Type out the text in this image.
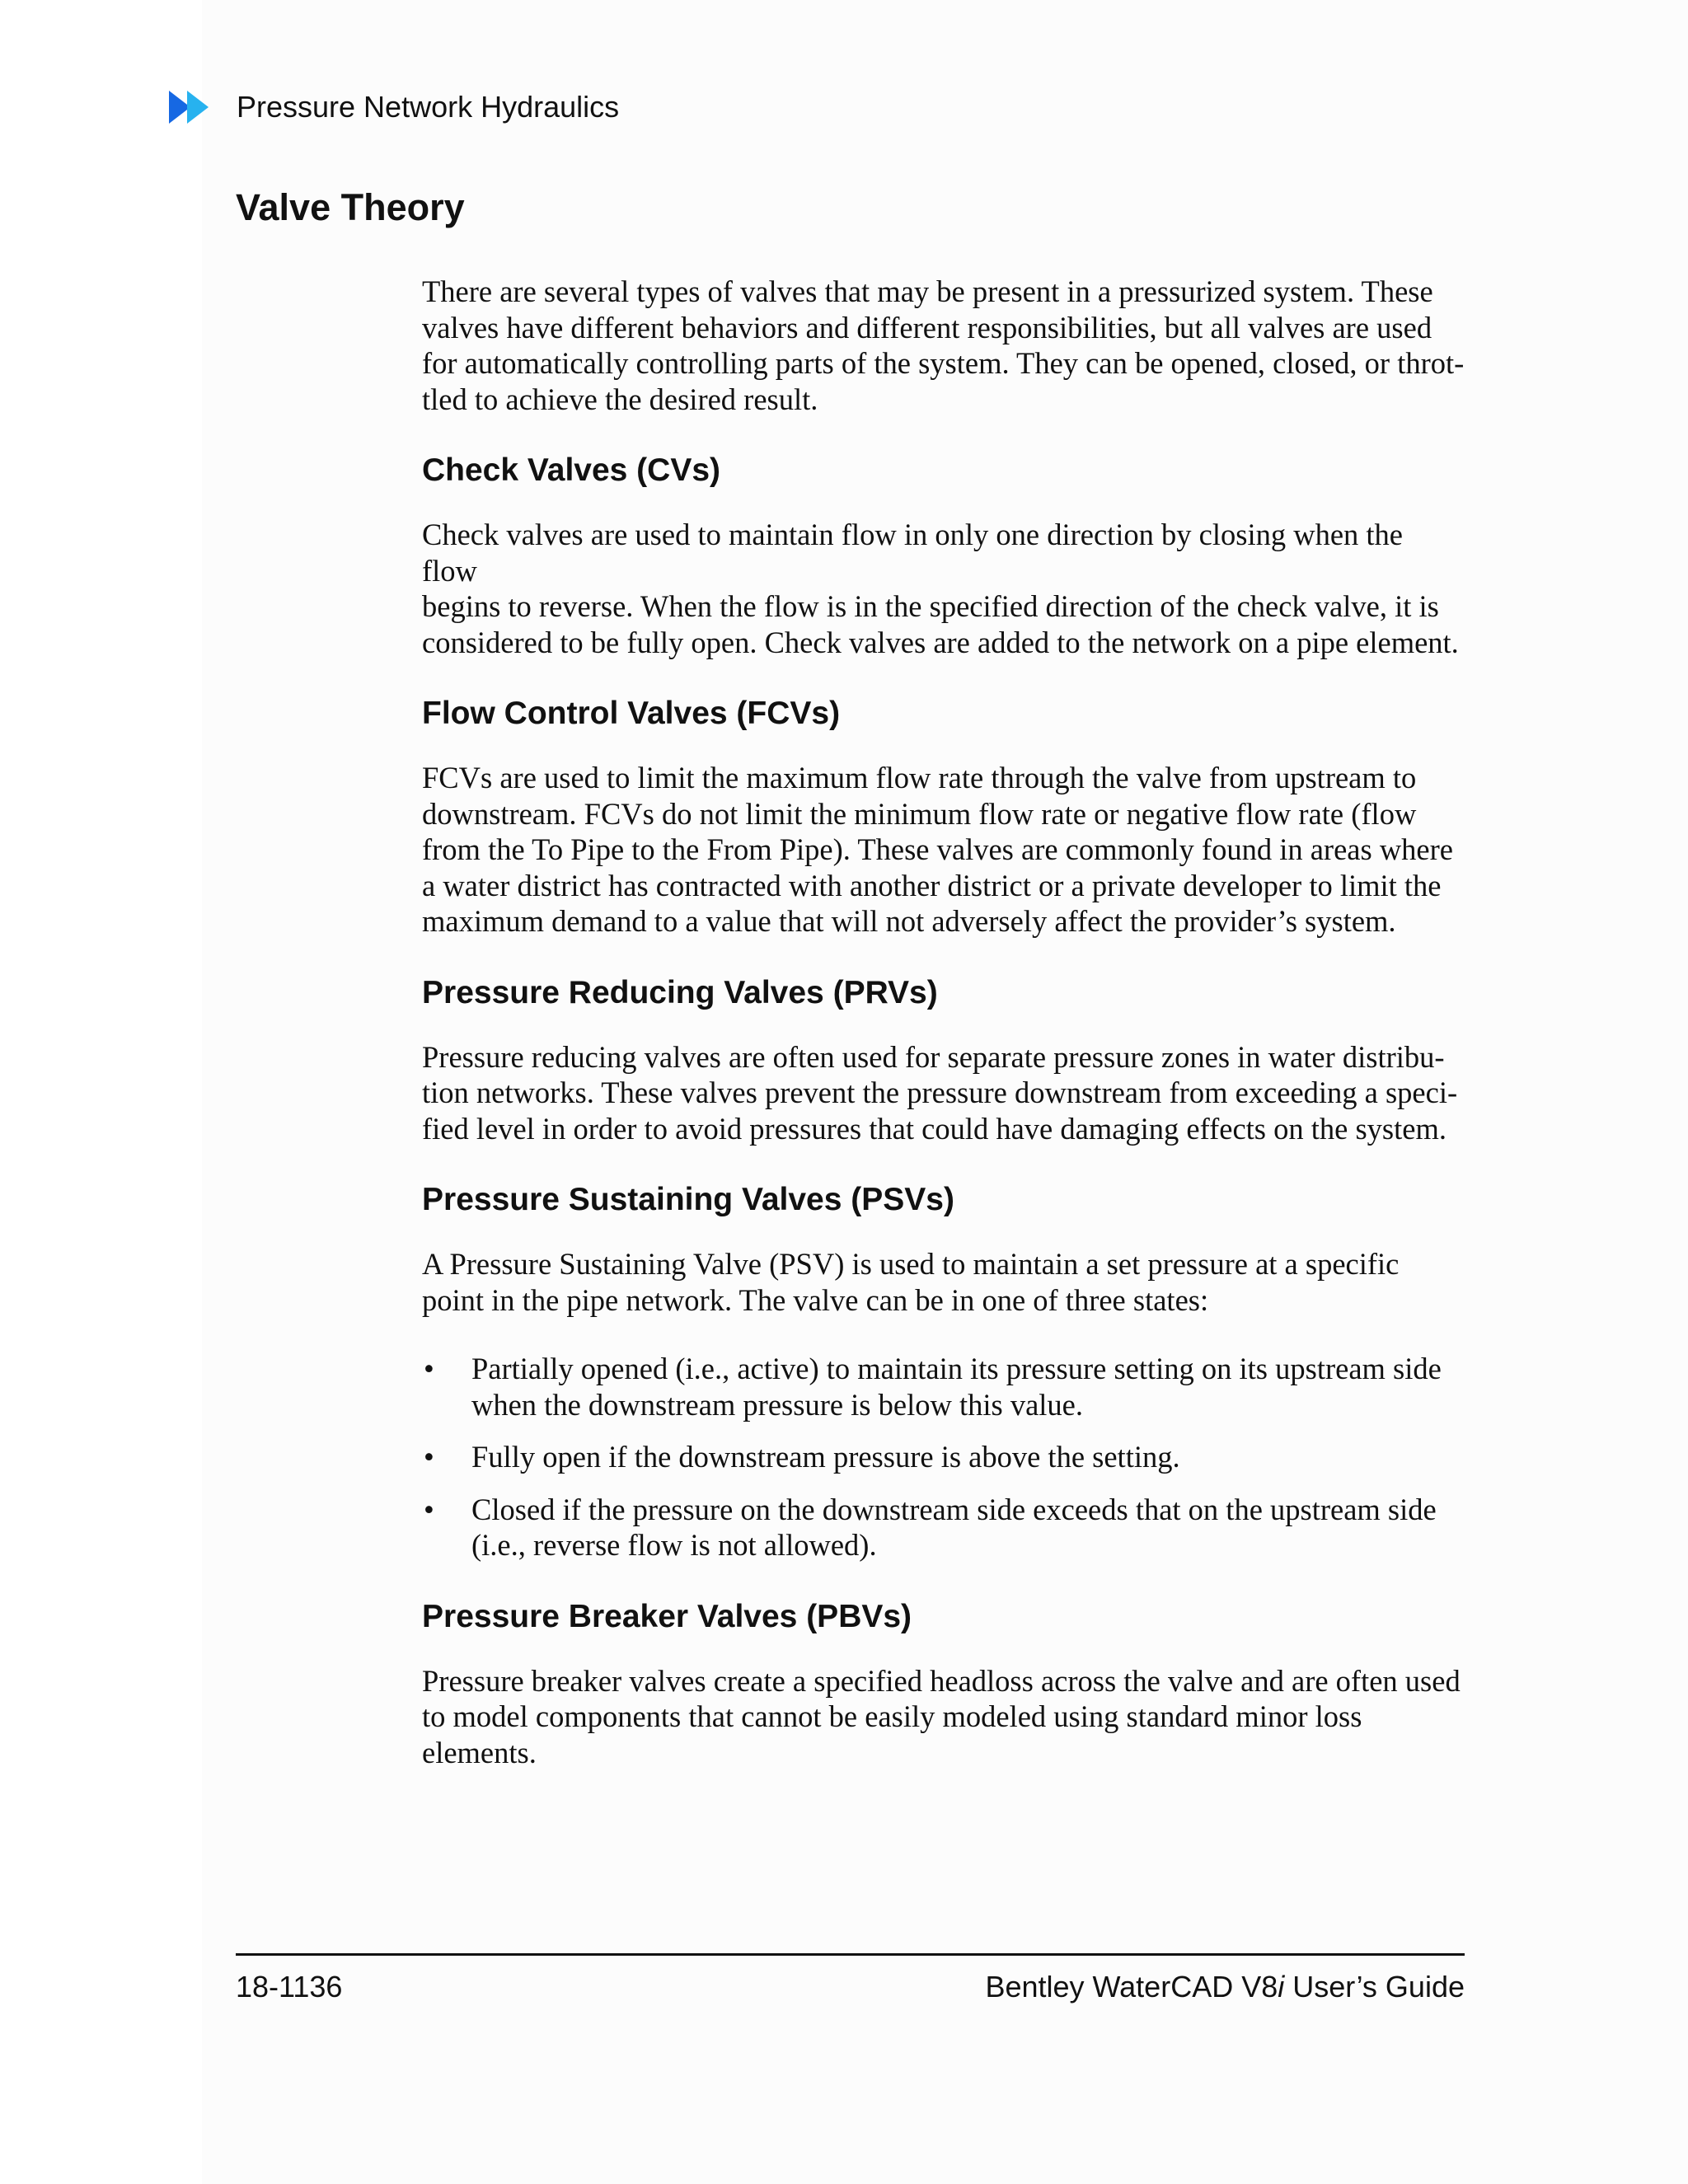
Pressure Network Hydraulics
Valve Theory

There are several types of valves that may be present in a pressurized system. These
valves have different behaviors and different responsibilities, but all valves are used
for automatically controlling parts of the system. They can be opened, closed, or throt-
tled to achieve the desired result.

Check Valves (CVs)

Check valves are used to maintain flow in only one direction by closing when the flow
begins to reverse. When the flow is in the specified direction of the check valve, it is
considered to be fully open. Check valves are added to the network on a pipe element.

Flow Control Valves (FCVs)

FCVs are used to limit the maximum flow rate through the valve from upstream to
downstream. FCVs do not limit the minimum flow rate or negative flow rate (flow
from the To Pipe to the From Pipe). These valves are commonly found in areas where
a water district has contracted with another district or a private developer to limit the
maximum demand to a value that will not adversely affect the provider’s system.

Pressure Reducing Valves (PRVs)

Pressure reducing valves are often used for separate pressure zones in water distribu-
tion networks. These valves prevent the pressure downstream from exceeding a speci-
fied level in order to avoid pressures that could have damaging effects on the system.

Pressure Sustaining Valves (PSVs)

A Pressure Sustaining Valve (PSV) is used to maintain a set pressure at a specific
point in the pipe network. The valve can be in one of three states:

• Partially opened (i.e., active) to maintain its pressure setting on its upstream side
when the downstream pressure is below this value.
• Fully open if the downstream pressure is above the setting.
• Closed if the pressure on the downstream side exceeds that on the upstream side
(i.e., reverse flow is not allowed).
Pressure Breaker Valves (PBVs)

Pressure breaker valves create a specified headloss across the valve and are often used
to model components that cannot be easily modeled using standard minor loss
elements.

18-1136	Bentley WaterCAD V8i User’s Guide
